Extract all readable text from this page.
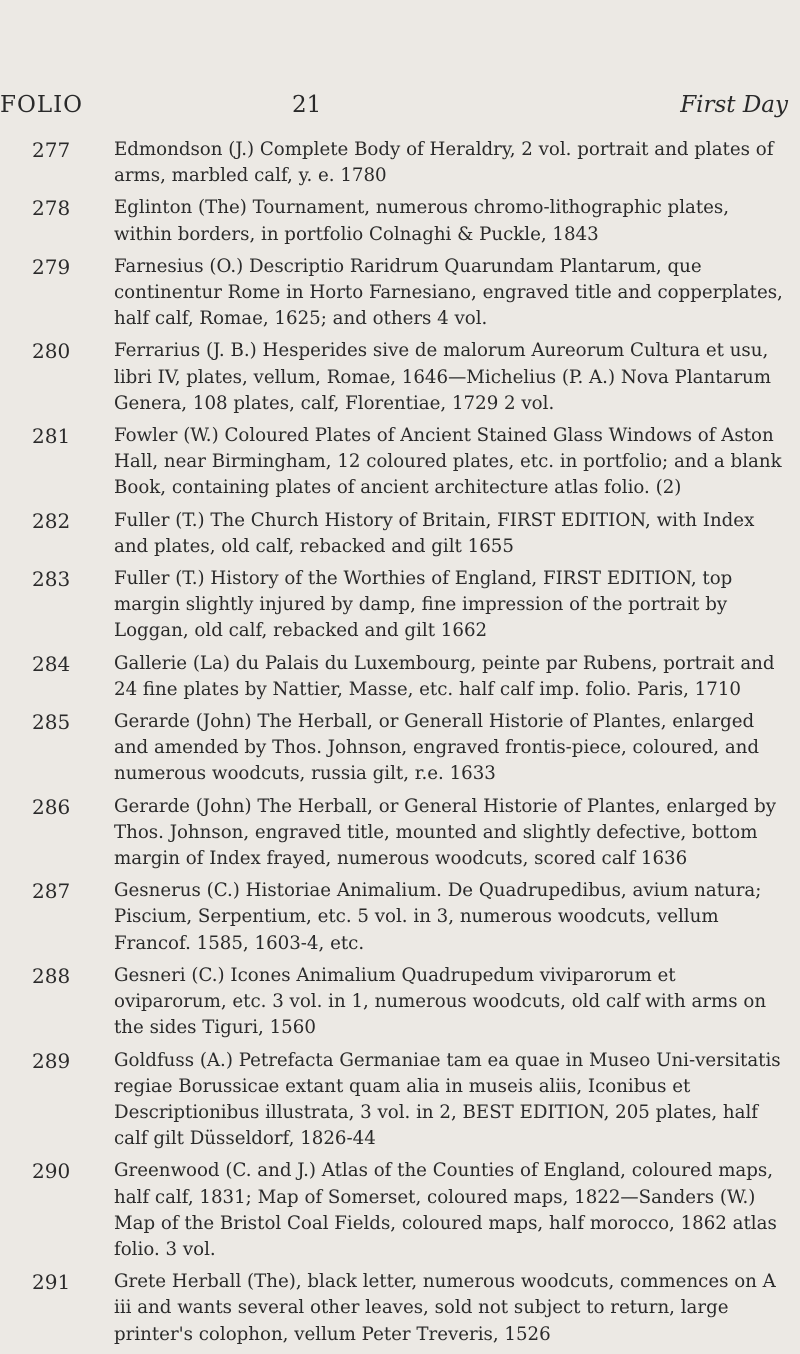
FOLIO	21	First Day
277 Edmondson (J.) Complete Body of Heraldry, 2 vol. portrait and plates of arms, marbled calf, y. e. 1780
278 Eglinton (The) Tournament, numerous chromo-lithographic plates, within borders, in portfolio Colnaghi & Puckle, 1843
279 Farnesius (O.) Descriptio Raridrum Quarundam Plantarum, que continentur Rome in Horto Farnesiano, engraved title and copperplates, half calf, Romae, 1625; and others 4 vol.
280 Ferrarius (J. B.) Hesperides sive de malorum Aureorum Cultura et usu, libri IV, plates, vellum, Romae, 1646—Michelius (P. A.) Nova Plantarum Genera, 108 plates, calf, Florentiae, 1729 2 vol.
281 Fowler (W.) Coloured Plates of Ancient Stained Glass Windows of Aston Hall, near Birmingham, 12 coloured plates, etc. in portfolio; and a blank Book, containing plates of ancient architecture atlas folio. (2)
282 Fuller (T.) The Church History of Britain, FIRST EDITION, with Index and plates, old calf, rebacked and gilt 1655
283 Fuller (T.) History of the Worthies of England, FIRST EDITION, top margin slightly injured by damp, fine impression of the portrait by Loggan, old calf, rebacked and gilt 1662
284 Gallerie (La) du Palais du Luxembourg, peinte par Rubens, portrait and 24 fine plates by Nattier, Masse, etc. half calf imp. folio. Paris, 1710
285 Gerarde (John) The Herball, or Generall Historie of Plantes, enlarged and amended by Thos. Johnson, engraved frontis-piece, coloured, and numerous woodcuts, russia gilt, r.e. 1633
286 Gerarde (John) The Herball, or General Historie of Plantes, enlarged by Thos. Johnson, engraved title, mounted and slightly defective, bottom margin of Index frayed, numerous woodcuts, scored calf 1636
287 Gesnerus (C.) Historiae Animalium. De Quadrupedibus, avium natura; Piscium, Serpentium, etc. 5 vol. in 3, numerous woodcuts, vellum Francof. 1585, 1603-4, etc.
288 Gesneri (C.) Icones Animalium Quadrupedum viviparorum et oviparorum, etc. 3 vol. in 1, numerous woodcuts, old calf with arms on the sides Tiguri, 1560
289 Goldfuss (A.) Petrefacta Germaniae tam ea quae in Museo Uni-versitatis regiae Borussicae extant quam alia in museis aliis, Iconibus et Descriptionibus illustrata, 3 vol. in 2, BEST EDITION, 205 plates, half calf gilt Düsseldorf, 1826-44
290 Greenwood (C. and J.) Atlas of the Counties of England, coloured maps, half calf, 1831; Map of Somerset, coloured maps, 1822—Sanders (W.) Map of the Bristol Coal Fields, coloured maps, half morocco, 1862 atlas folio. 3 vol.
291 Grete Herball (The), black letter, numerous woodcuts, commences on A iii and wants several other leaves, sold not subject to return, large printer's colophon, vellum Peter Treveris, 1526
